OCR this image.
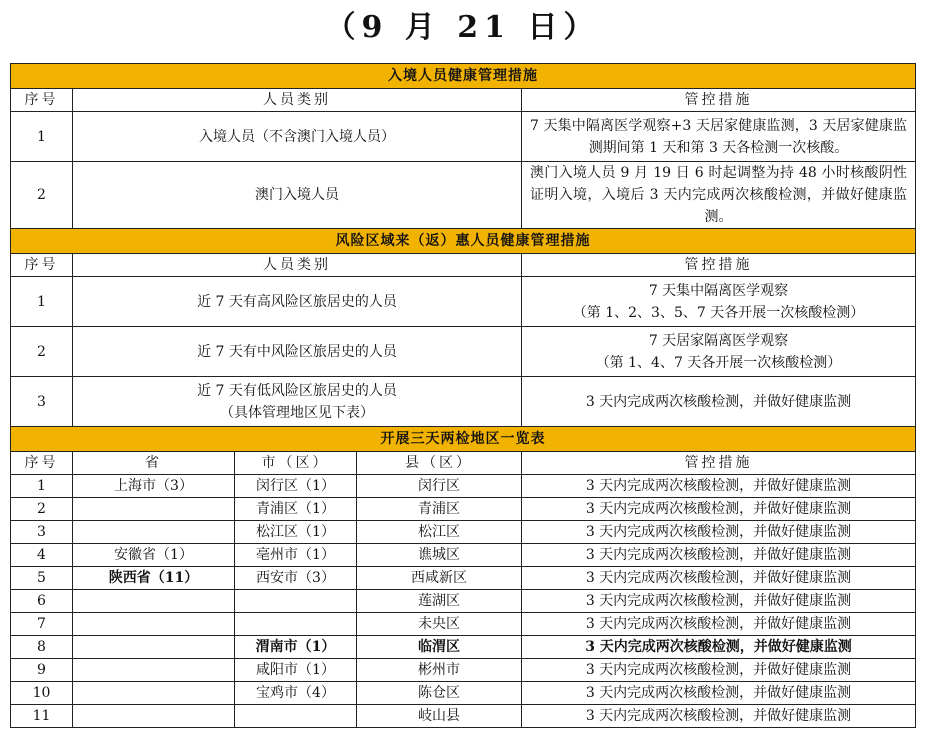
（9 月 21 日）
入境人员健康管理措施				
序号	人员类别			管控措施
1	入境人员（不含澳门入境人员）			7 天集中隔离医学观察+3 天居家健康监测，3 天居家健康监测期间第 1 天和第 3 天各检测一次核酸。
2	澳门入境人员			澳门入境人员 9 月 19 日 6 时起调整为持 48 小时核酸阴性证明入境，入境后 3 天内完成两次核酸检测，并做好健康监测。
风险区域来（返）惠人员健康管理措施				
序号	人员类别			管控措施
1	近 7 天有高风险区旅居史的人员			7 天集中隔离医学观察
（第 1、2、3、5、7 天各开展一次核酸检测）

2	近 7 天有中风险区旅居史的人员			7 天居家隔离医学观察
（第 1、4、7 天各开展一次核酸检测）

3	近 7 天有低风险区旅居史的人员
（具体管理地区见下表）			3 天内完成两次核酸检测，并做好健康监测

开展三天两检地区一览表				
序号	省	市（区）	县（区）	管控措施
1	上海市（3）	闵行区（1）	闵行区	3 天内完成两次核酸检测，并做好健康监测
2		青浦区（1）	青浦区	3 天内完成两次核酸检测，并做好健康监测
3		松江区（1）	松江区	3 天内完成两次核酸检测，并做好健康监测
4	安徽省（1）	亳州市（1）	谯城区	3 天内完成两次核酸检测，并做好健康监测
5	陕西省（11）	西安市（3）	西咸新区	3 天内完成两次核酸检测，并做好健康监测
6			莲湖区	3 天内完成两次核酸检测，并做好健康监测
7			未央区	3 天内完成两次核酸检测，并做好健康监测
8		渭南市（1）	临渭区	3 天内完成两次核酸检测，并做好健康监测
9		咸阳市（1）	彬州市	3 天内完成两次核酸检测，并做好健康监测
10		宝鸡市（4）	陈仓区	3 天内完成两次核酸检测，并做好健康监测
11			岐山县	3 天内完成两次核酸检测，并做好健康监测
